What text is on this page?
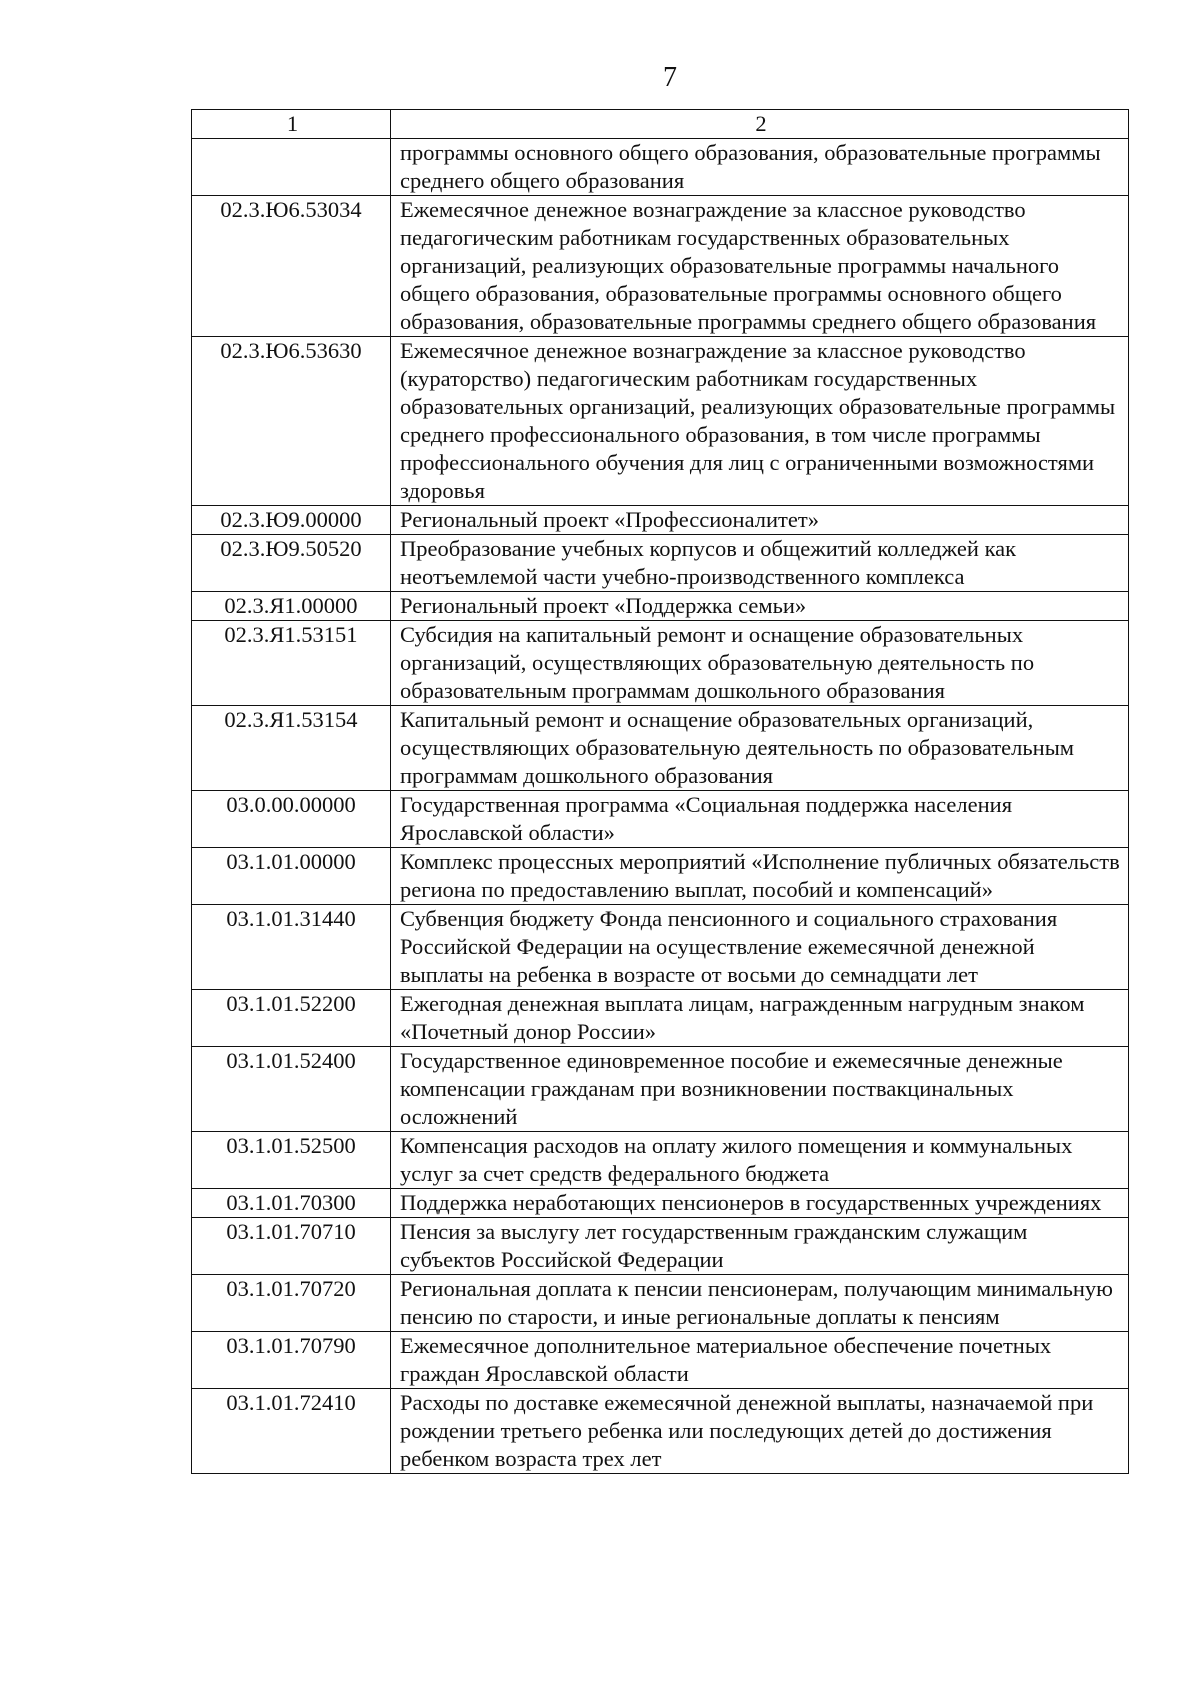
7
1	2
	программы основного общего образования, образовательные программы среднего общего образования
02.3.Ю6.53034	Ежемесячное денежное вознаграждение за классное руководство педагогическим работникам государственных образовательных организаций, реализующих образовательные программы начального общего образования, образовательные программы основного общего образования, образовательные программы среднего общего образования
02.3.Ю6.53630	Ежемесячное денежное вознаграждение за классное руководство (кураторство) педагогическим работникам государственных образовательных организаций, реализующих образовательные программы среднего профессионального образования, в том числе программы профессионального обучения для лиц с ограниченными возможностями здоровья
02.3.Ю9.00000	Региональный проект «Профессионалитет»
02.3.Ю9.50520	Преобразование учебных корпусов и общежитий колледжей как неотъемлемой части учебно-производственного комплекса
02.3.Я1.00000	Региональный проект «Поддержка семьи»
02.3.Я1.53151	Субсидия на капитальный ремонт и оснащение образовательных организаций, осуществляющих образовательную деятельность по образовательным программам дошкольного образования
02.3.Я1.53154	Капитальный ремонт и оснащение образовательных организаций, осуществляющих образовательную деятельность по образовательным программам дошкольного образования
03.0.00.00000	Государственная программа «Социальная поддержка населения Ярославской области»
03.1.01.00000	Комплекс процессных мероприятий «Исполнение публичных обязательств региона по предоставлению выплат, пособий и компенсаций»
03.1.01.31440	Субвенция бюджету Фонда пенсионного и социального страхования Российской Федерации на осуществление ежемесячной денежной выплаты на ребенка в возрасте от восьми до семнадцати лет
03.1.01.52200	Ежегодная денежная выплата лицам, награжденным нагрудным знаком «Почетный донор России»
03.1.01.52400	Государственное единовременное пособие и ежемесячные денежные компенсации гражданам при возникновении поствакцинальных осложнений
03.1.01.52500	Компенсация расходов на оплату жилого помещения и коммунальных услуг за счет средств федерального бюджета
03.1.01.70300	Поддержка неработающих пенсионеров в государственных учреждениях
03.1.01.70710	Пенсия за выслугу лет государственным гражданским служащим субъектов Российской Федерации
03.1.01.70720	Региональная доплата к пенсии пенсионерам, получающим минимальную пенсию по старости, и иные региональные доплаты к пенсиям
03.1.01.70790	Ежемесячное дополнительное материальное обеспечение почетных граждан Ярославской области
03.1.01.72410	Расходы по доставке ежемесячной денежной выплаты, назначаемой при рождении третьего ребенка или последующих детей до достижения ребенком возраста трех лет
